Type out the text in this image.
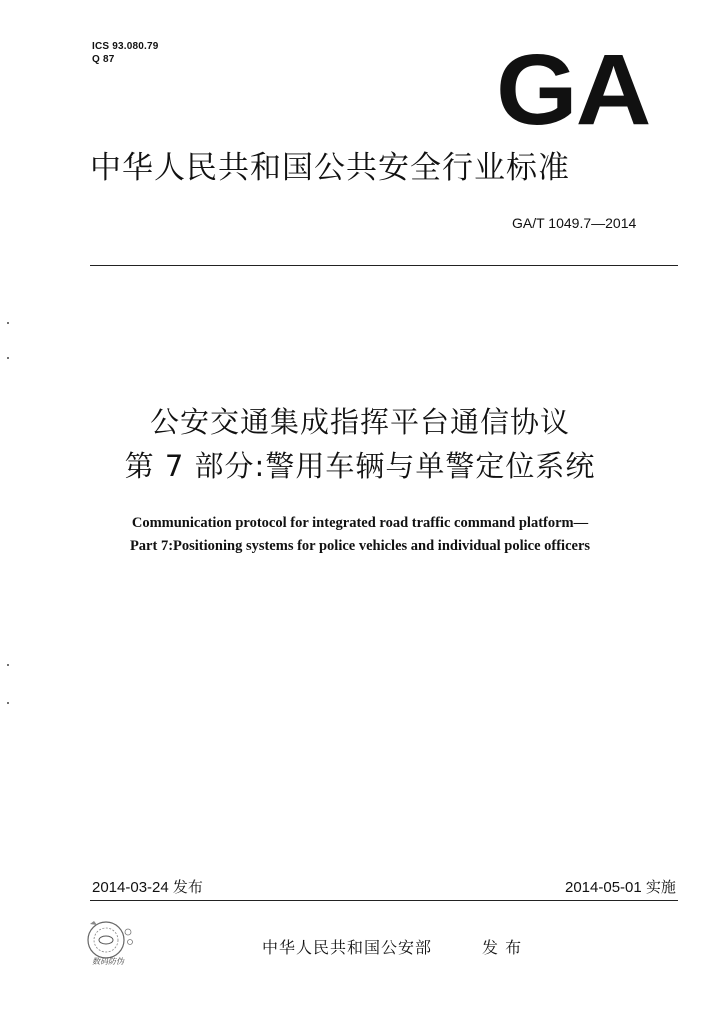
ICS 93.080.79
Q 87	GA
中华人民共和国公共安全行业标准
GA/T 1049.7—2014
公安交通集成指挥平台通信协议
第 7 部分:警用车辆与单警定位系统
Communication protocol for integrated road traffic command platform—
Part 7:Positioning systems for police vehicles and individual police officers
2014-03-24 发布	2014-05-01 实施
数码防伪
中华人民共和国公安部	发 布
